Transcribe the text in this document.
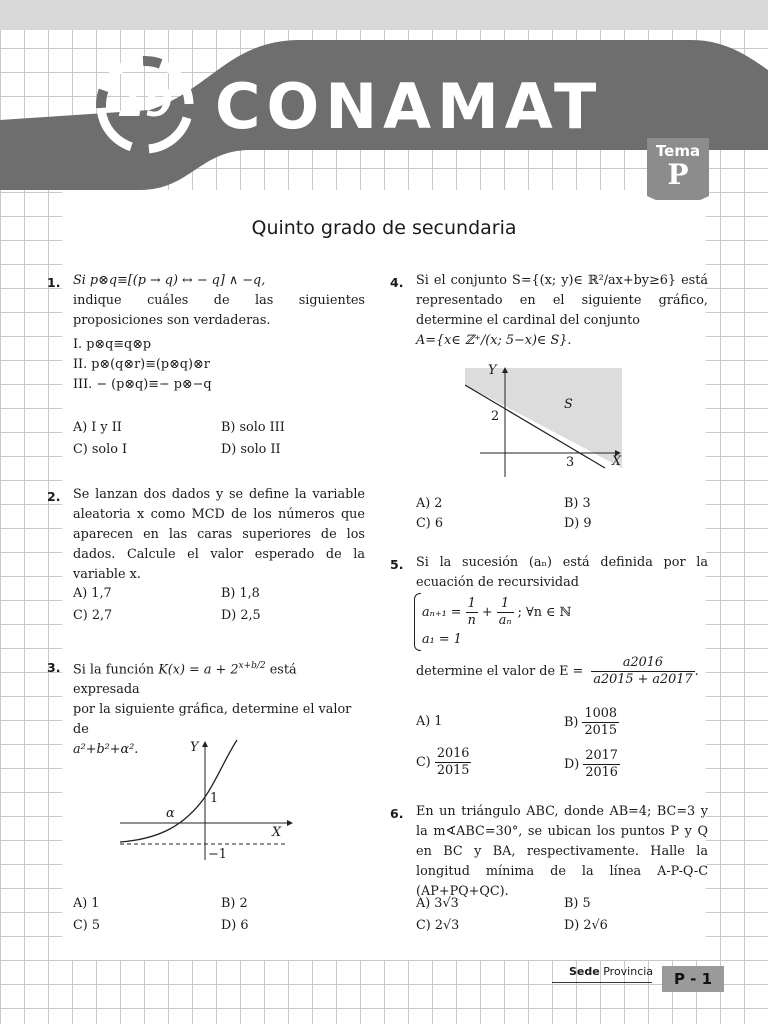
19 CONAMAT
Tema
P
Quinto grado de secundaria
1. Si p⊗q≡[(p → q) ↔ − q] ∧ −q,
indique cuáles de las siguientes proposiciones son verdaderas.
I. p⊗q≡q⊗p
II. p⊗(q⊗r)≡(p⊗q)⊗r
III. − (p⊗q)≡− p⊗−q
A) I y II	B) solo III
C) solo I	D) solo II
2. Se lanzan dos dados y se define la variable aleatoria x como MCD de los números que aparecen en las caras superiores de los dados. Calcule el valor esperado de la variable x.
A) 1,7	B) 1,8
C) 2,7	D) 2,5
3. Si la función $K(x) = a + 2^{x+b/2}$ está expresada
por la siguiente gráfica, determine el valor de
a²+b²+α².	Y
X
1
−1
α
A) 1	B) 2
C) 5	D) 6
4. Si el conjunto S={(x; y)∈ ℝ²/ax+by≥6} está representado en el siguiente gráfico, determine el cardinal del conjunto
A={x∈ ℤ⁺/(x; 5−x)∈ S}.
Y
X
S
2
3
A) 2	B) 3
C) 6	D) 9
5. Si la sucesión (aₙ) está definida por la ecuación de recursividad
$a_{n+1} = \frac{1}{n} + \frac{1}{\text{aₙ}}$ ; ∀n ∈ ℕ
a₁ = 1
determine el valor de $E = \frac{a2016}{a2015 + a2017}$ .
A) 1	$B) \frac{1008}{2015}$
$C) \frac{2016}{2015}$	$D) \frac{2017}{2016}$
6. En un triángulo ABC, donde AB=4; BC=3 y la m∢ABC=30°, se ubican los puntos P y Q en BC y BA, respectivamente. Halle la longitud mínima de la línea A-P-Q-C (AP+PQ+QC).
A) 3√3	B) 5
C) 2√3	D) 2√6
Sede Provincia	P - 1
